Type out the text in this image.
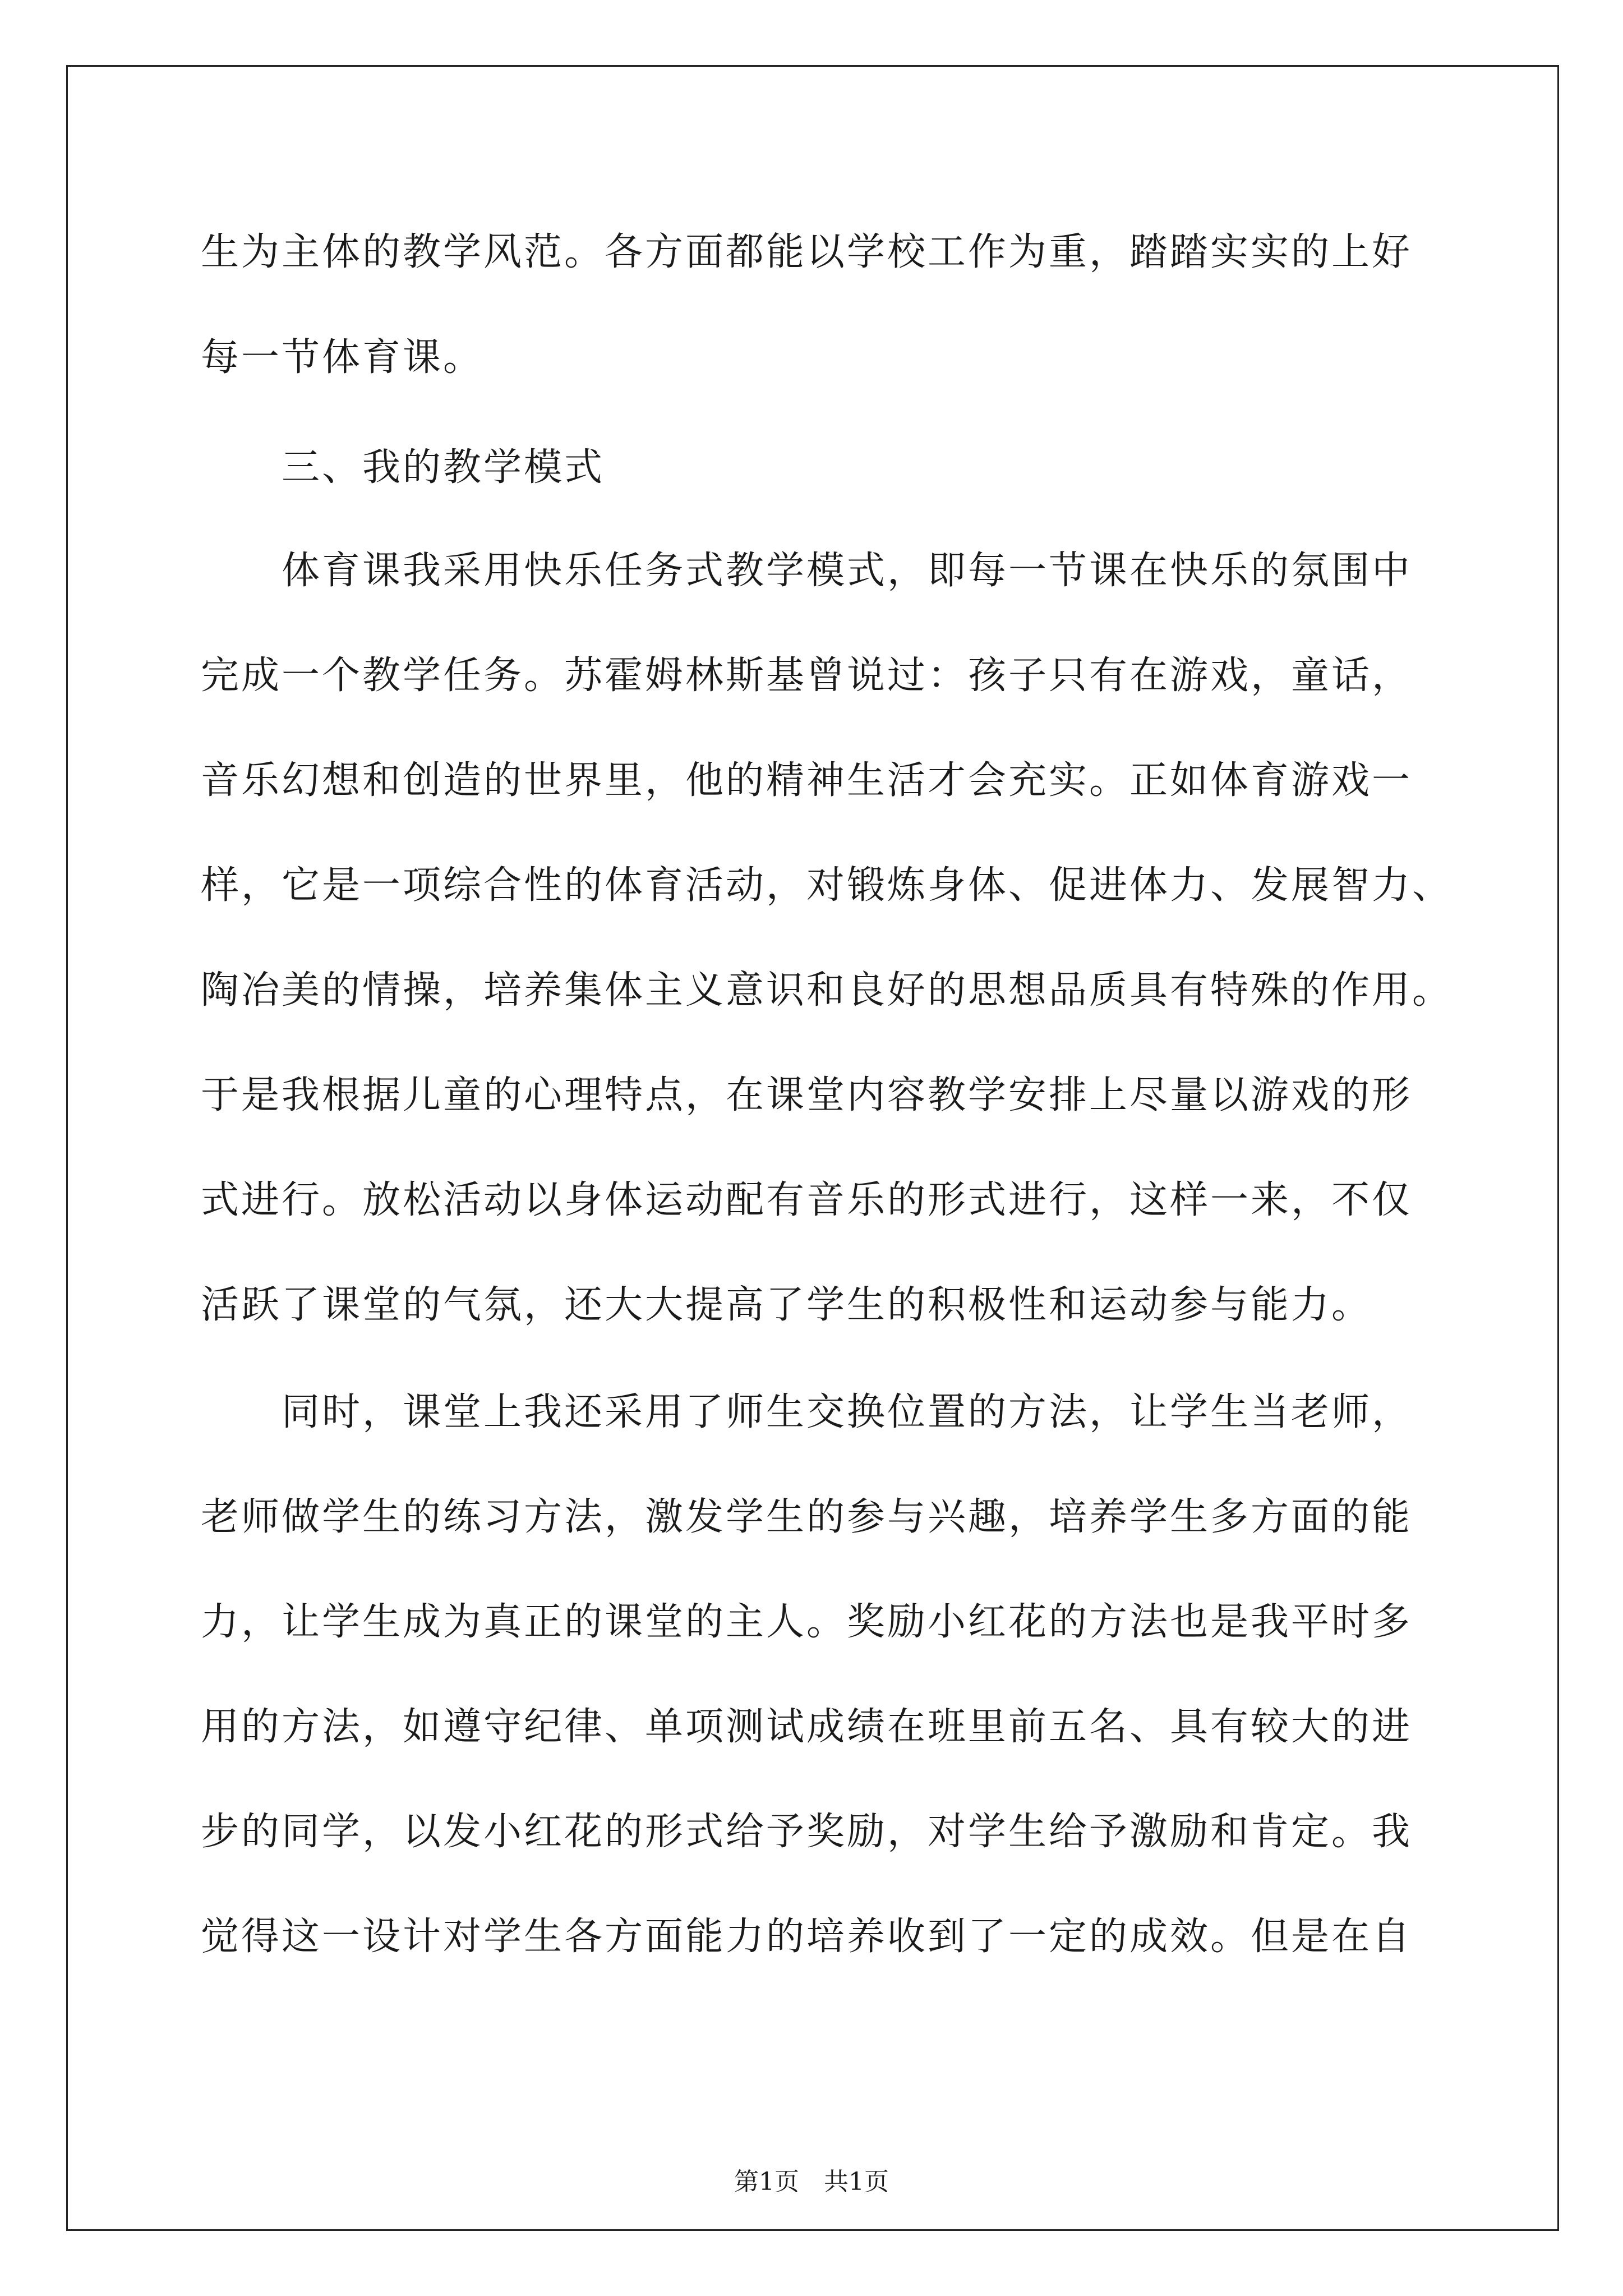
生为主体的教学风范。各方面都能以学校工作为重，踏踏实实的上好
每一节体育课。
　　三、我的教学模式
　　体育课我采用快乐任务式教学模式，即每一节课在快乐的氛围中
完成一个教学任务。苏霍姆林斯基曾说过：孩子只有在游戏，童话，
音乐幻想和创造的世界里，他的精神生活才会充实。正如体育游戏一
样，它是一项综合性的体育活动，对锻炼身体、促进体力、发展智力、
陶冶美的情操，培养集体主义意识和良好的思想品质具有特殊的作用。
于是我根据儿童的心理特点，在课堂内容教学安排上尽量以游戏的形
式进行。放松活动以身体运动配有音乐的形式进行，这样一来，不仅
活跃了课堂的气氛，还大大提高了学生的积极性和运动参与能力。
　　同时，课堂上我还采用了师生交换位置的方法，让学生当老师，
老师做学生的练习方法，激发学生的参与兴趣，培养学生多方面的能
力，让学生成为真正的课堂的主人。奖励小红花的方法也是我平时多
用的方法，如遵守纪律、单项测试成绩在班里前五名、具有较大的进
步的同学，以发小红花的形式给予奖励，对学生给予激励和肯定。我
觉得这一设计对学生各方面能力的培养收到了一定的成效。但是在自
第1页　共1页
